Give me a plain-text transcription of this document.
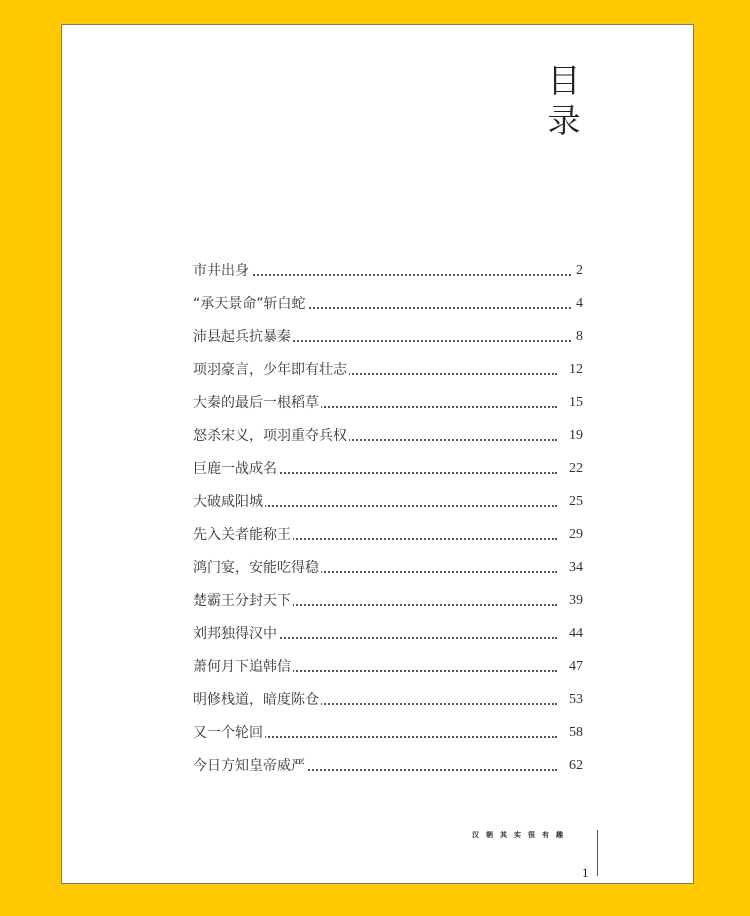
目
录
市井出身	2
“承天景命”斩白蛇	4
沛县起兵抗暴秦	8
项羽豪言，少年即有壮志	12
大秦的最后一根稻草	15
怒杀宋义，项羽重夺兵权	19
巨鹿一战成名	22
大破咸阳城	25
先入关者能称王	29
鸿门宴，安能吃得稳	34
楚霸王分封天下	39
刘邦独得汉中	44
萧何月下追韩信	47
明修栈道，暗度陈仓	53
又一个轮回	58
今日方知皇帝威严	62
汉朝其实很有趣
1
